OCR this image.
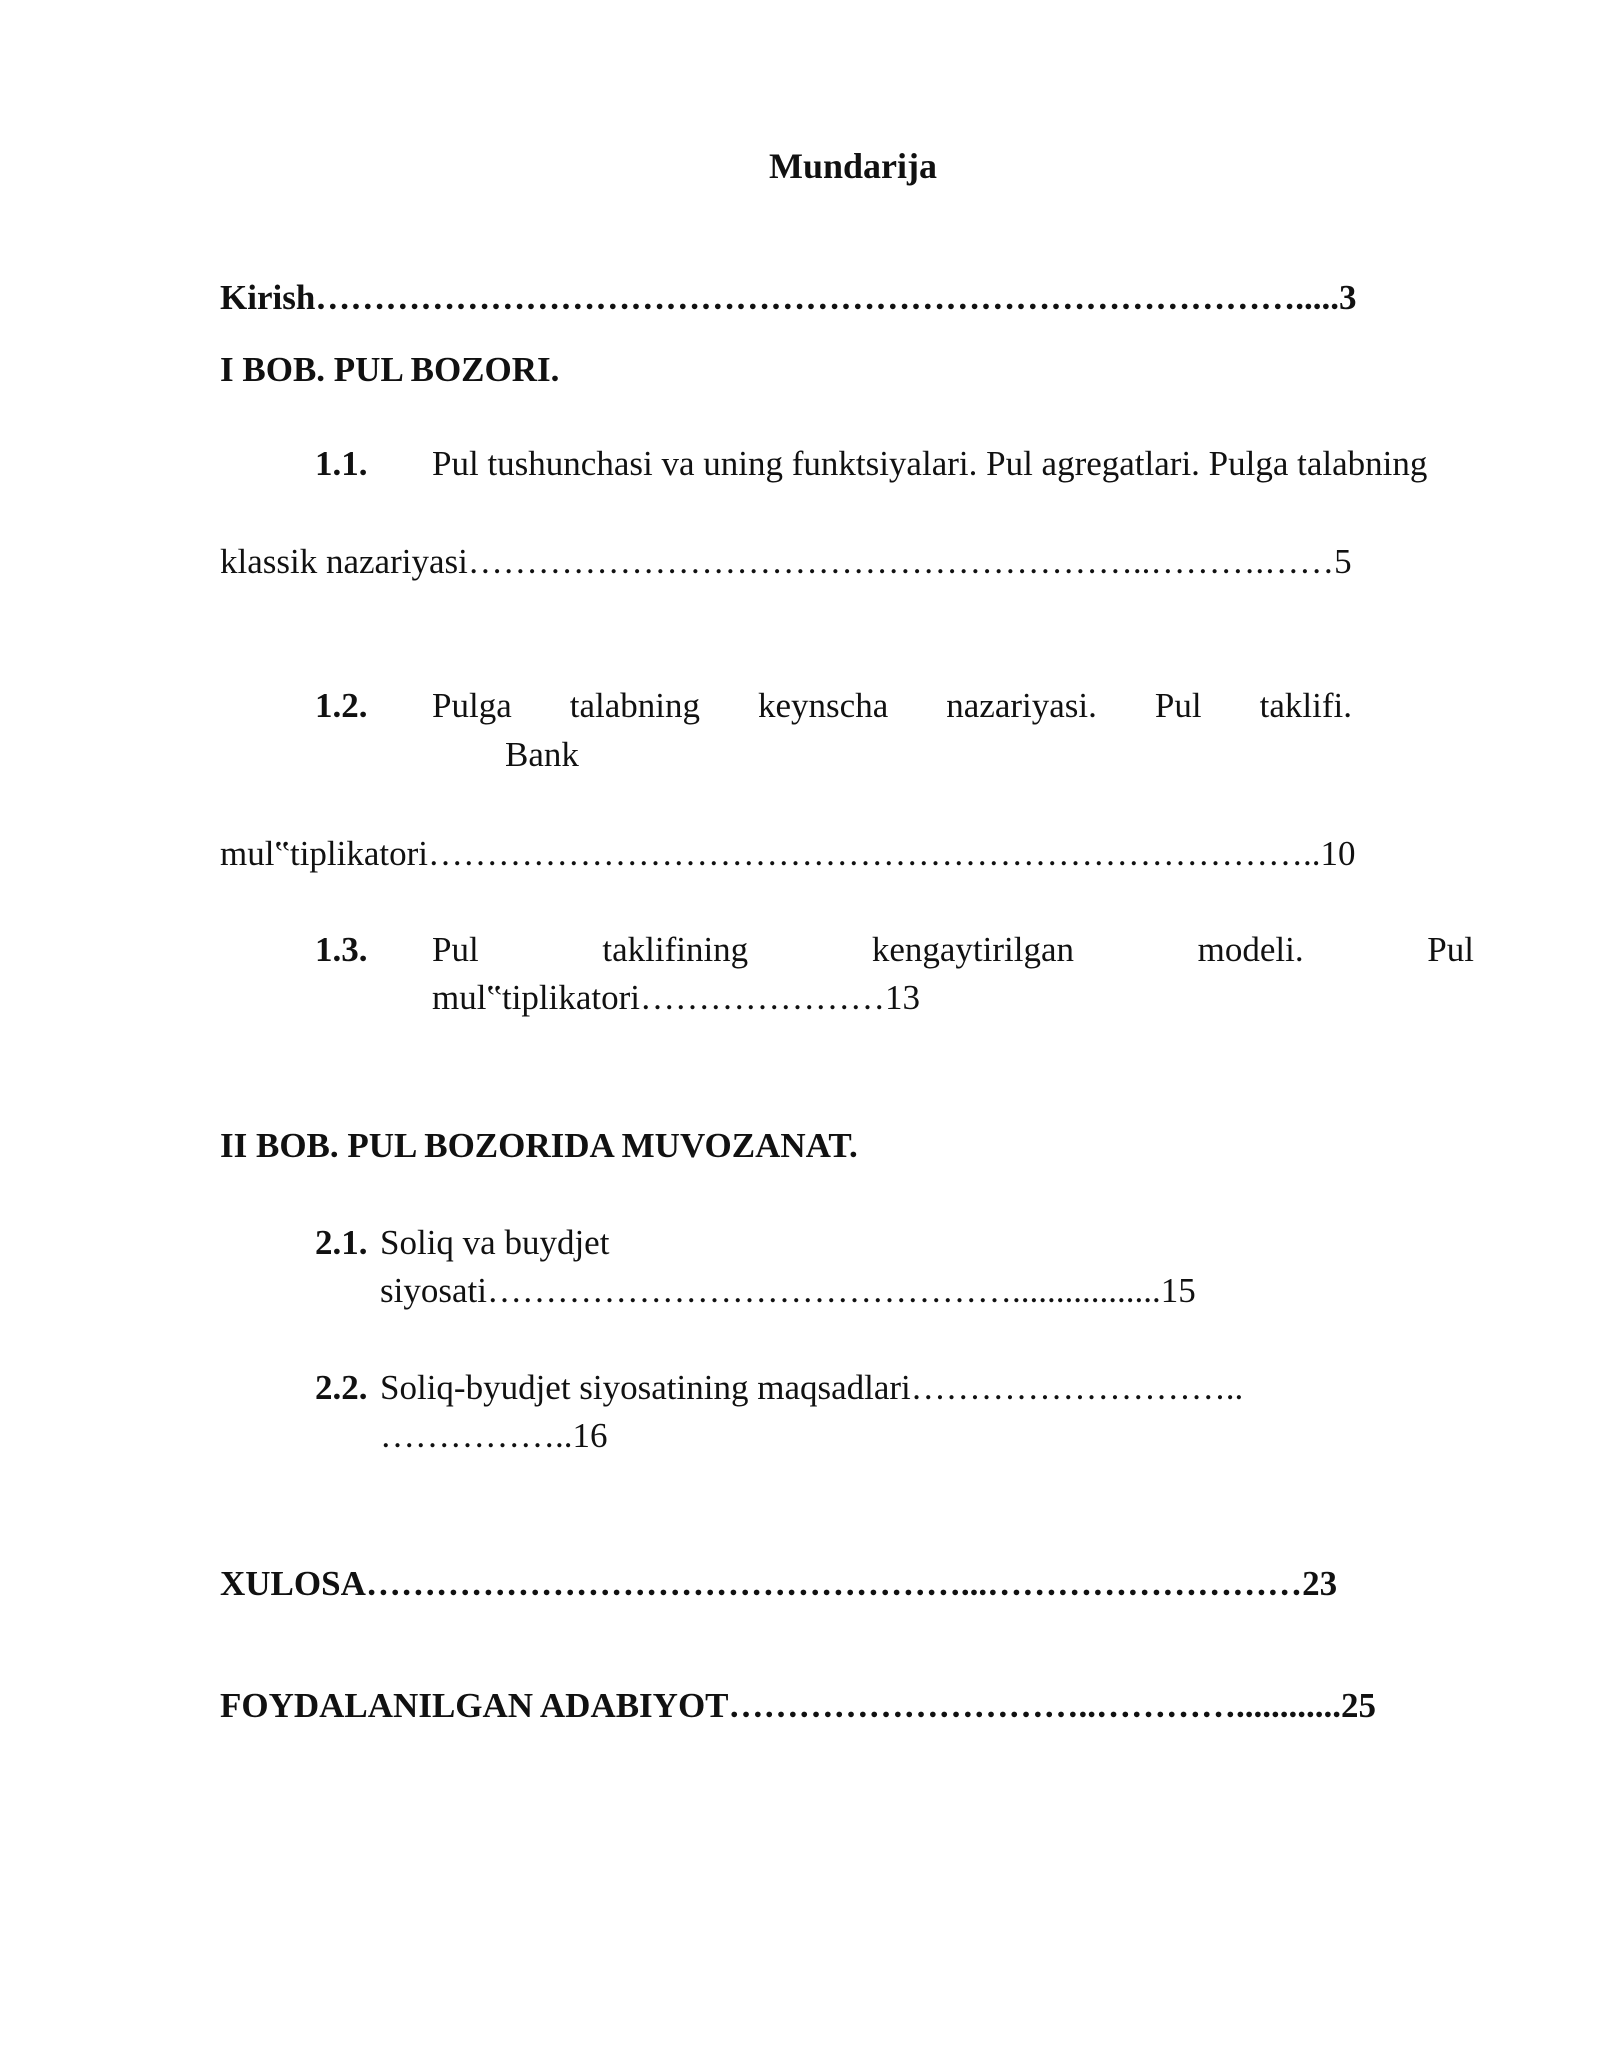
Mundarija
Kirish………………………………………………………………………….....3
I BOB. PUL BOZORI.
1.1. Pul tushunchasi va uning funktsiyalari. Pul agregatlari. Pulga talabning
klassik nazariyasi…………………………………………………..……….……5
1.2. Pulga talabning keynscha nazariyasi. Pul taklifi.
Bank
mul‟tiplikatori…………………………………………………………………..10
1.3. Pul	taklifining	kengaytirilgan	modeli.	Pul
mul‟tiplikatori…………………13
II BOB. PUL BOZORIDA MUVOZANAT.
2.1. Soliq va buydjet
siyosati……………………………………….................15
2.2. Soliq-byudjet siyosatining maqsadlari………………………..
……………..16
XULOSA……………………………………………...………………………23
FOYDALANILGAN ADABIYOT…………………………..…………............25
